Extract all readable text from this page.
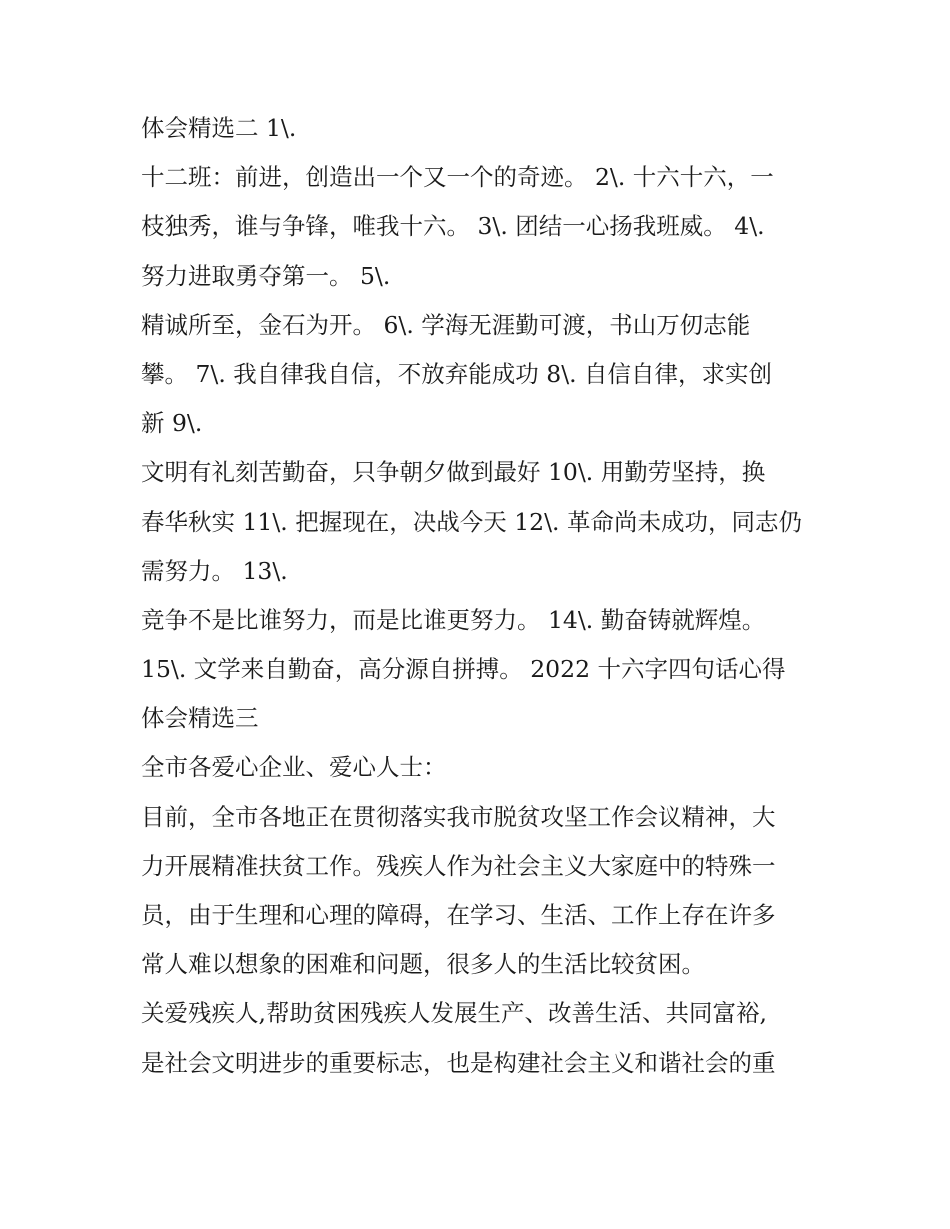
体会精选二 1\.
十二班：前进，创造出一个又一个的奇迹。 2\. 十六十六，一
枝独秀，谁与争锋，唯我十六。 3\. 团结一心扬我班威。 4\.
努力进取勇夺第一。 5\.
精诚所至，金石为开。 6\. 学海无涯勤可渡，书山万仞志能
攀。 7\. 我自律我自信，不放弃能成功 8\. 自信自律，求实创
新 9\.
文明有礼刻苦勤奋，只争朝夕做到最好 10\. 用勤劳坚持，换
春华秋实 11\. 把握现在，决战今天 12\. 革命尚未成功，同志仍
需努力。 13\.
竞争不是比谁努力，而是比谁更努力。 14\. 勤奋铸就辉煌。
15\. 文学来自勤奋，高分源自拼搏。 2022 十六字四句话心得
体会精选三
全市各爱心企业、爱心人士：
目前，全市各地正在贯彻落实我市脱贫攻坚工作会议精神，大
力开展精准扶贫工作。残疾人作为社会主义大家庭中的特殊一
员，由于生理和心理的障碍，在学习、生活、工作上存在许多
常人难以想象的困难和问题，很多人的生活比较贫困。
关爱残疾人,帮助贫困残疾人发展生产、改善生活、共同富裕,
是社会文明进步的重要标志，也是构建社会主义和谐社会的重
